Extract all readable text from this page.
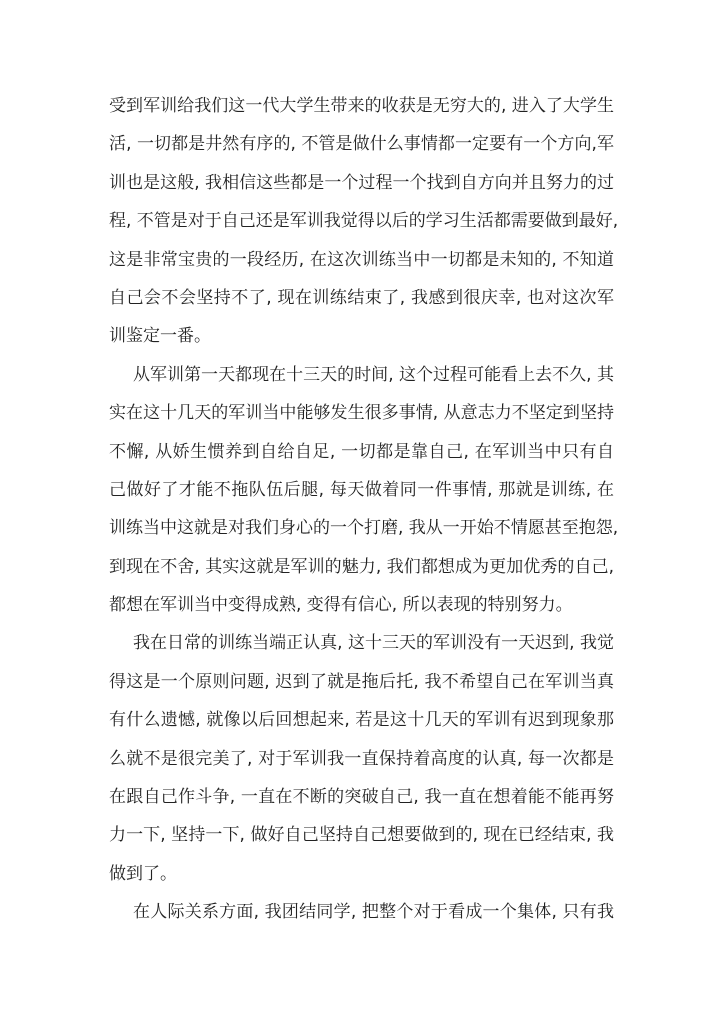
受到军训给我们这一代大学生带来的收获是无穷大的, 进入了大学生
活, 一切都是井然有序的, 不管是做什么事情都一定要有一个方向,军
训也是这般, 我相信这些都是一个过程一个找到自方向并且努力的过
程, 不管是对于自己还是军训我觉得以后的学习生活都需要做到最好,
这是非常宝贵的一段经历, 在这次训练当中一切都是未知的, 不知道
自己会不会坚持不了, 现在训练结束了, 我感到很庆幸, 也对这次军
训鉴定一番。
从军训第一天都现在十三天的时间, 这个过程可能看上去不久, 其
实在这十几天的军训当中能够发生很多事情, 从意志力不坚定到坚持
不懈, 从娇生惯养到自给自足, 一切都是靠自己, 在军训当中只有自
己做好了才能不拖队伍后腿, 每天做着同一件事情, 那就是训练, 在
训练当中这就是对我们身心的一个打磨, 我从一开始不情愿甚至抱怨,
到现在不舍, 其实这就是军训的魅力, 我们都想成为更加优秀的自己,
都想在军训当中变得成熟, 变得有信心, 所以表现的特别努力。
我在日常的训练当端正认真, 这十三天的军训没有一天迟到, 我觉
得这是一个原则问题, 迟到了就是拖后托, 我不希望自己在军训当真
有什么遗憾, 就像以后回想起来, 若是这十几天的军训有迟到现象那
么就不是很完美了, 对于军训我一直保持着高度的认真, 每一次都是
在跟自己作斗争, 一直在不断的突破自己, 我一直在想着能不能再努
力一下, 坚持一下, 做好自己坚持自己想要做到的, 现在已经结束, 我
做到了。
在人际关系方面, 我团结同学, 把整个对于看成一个集体, 只有我
